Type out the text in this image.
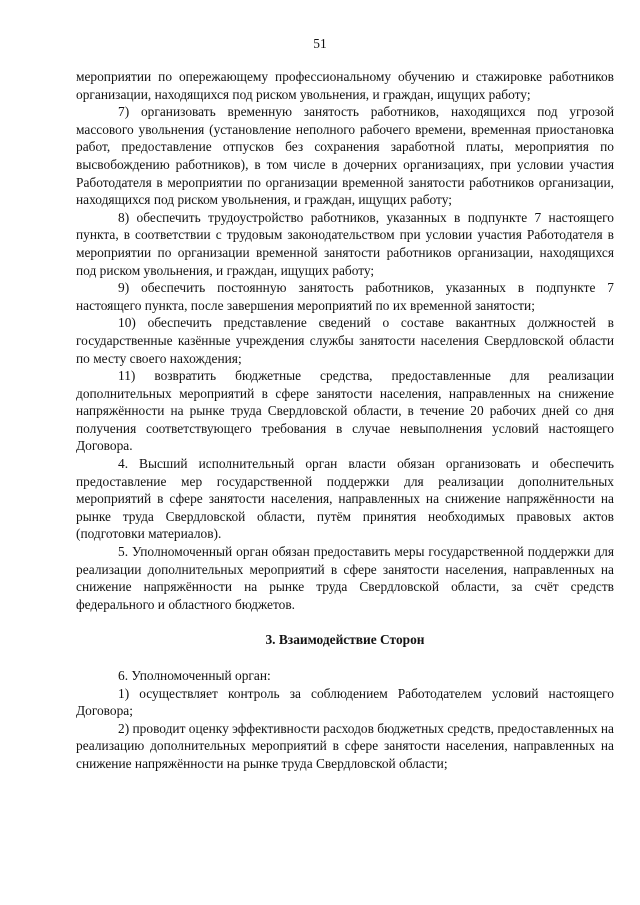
51

мероприятии по опережающему профессиональному обучению и стажировке работников организации, находящихся под риском увольнения, и граждан, ищущих работу;

7) организовать временную занятость работников, находящихся под угрозой массового увольнения (установление неполного рабочего времени, временная приостановка работ, предоставление отпусков без сохранения заработной платы, мероприятия по высвобождению работников), в том числе в дочерних организациях, при условии участия Работодателя в мероприятии по организации временной занятости работников организации, находящихся под риском увольнения, и граждан, ищущих работу;

8) обеспечить трудоустройство работников, указанных в подпункте 7 настоящего пункта, в соответствии с трудовым законодательством при условии участия Работодателя в мероприятии по организации временной занятости работников организации, находящихся под риском увольнения, и граждан, ищущих работу;

9) обеспечить постоянную занятость работников, указанных в подпункте 7 настоящего пункта, после завершения мероприятий по их временной занятости;

10) обеспечить представление сведений о составе вакантных должностей в государственные казённые учреждения службы занятости населения Свердловской области по месту своего нахождения;

11) возвратить бюджетные средства, предоставленные для реализации дополнительных мероприятий в сфере занятости населения, направленных на снижение напряжённости на рынке труда Свердловской области, в течение 20 рабочих дней со дня получения соответствующего требования в случае невыполнения условий настоящего Договора.

4. Высший исполнительный орган власти обязан организовать и обеспечить предоставление мер государственной поддержки для реализации дополнительных мероприятий в сфере занятости населения, направленных на снижение напряжённости на рынке труда Свердловской области, путём принятия необходимых правовых актов (подготовки материалов).

5. Уполномоченный орган обязан предоставить меры государственной поддержки для реализации дополнительных мероприятий в сфере занятости населения, направленных на снижение напряжённости на рынке труда Свердловской области, за счёт средств федерального и областного бюджетов.

3. Взаимодействие Сторон

6. Уполномоченный орган:

1) осуществляет контроль за соблюдением Работодателем условий настоящего Договора;

2) проводит оценку эффективности расходов бюджетных средств, предоставленных на реализацию дополнительных мероприятий в сфере занятости населения, направленных на снижение напряжённости на рынке труда Свердловской области;
